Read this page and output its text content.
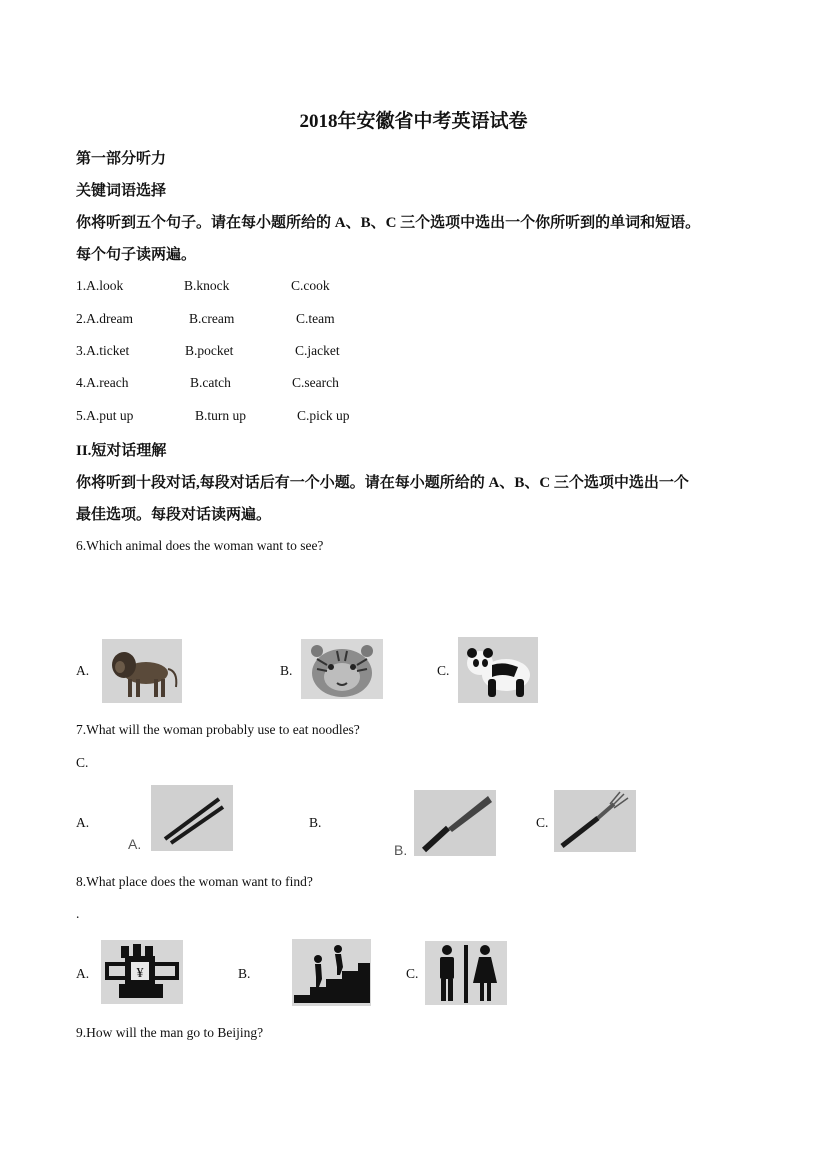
2018年安徽省中考英语试卷
第一部分听力
关键词语选择
你将听到五个句子。请在每小题所给的 A、B、C 三个选项中选出一个你所听到的单词和短语。
每个句子读两遍。
1.A.look	B.knock	C.cook
2.A.dream	B.cream	C.team
3.A.ticket	B.pocket	C.jacket
4.A.reach	B.catch	C.search
5.A.put up	B.turn up	C.pick up
II.短对话理解
你将听到十段对话,每段对话后有一个小题。请在每小题所给的 A、B、C 三个选项中选出一个
最佳选项。每段对话读两遍。
6.Which animal does the woman want to see?
A.	B.	C.
7.What will the woman probably use to eat noodles?
C.
A.
A.
B.
B.
C.
8.What place does the woman want to find?
.
A.	¥	B.	C.
9.How will the man go to Beijing?
